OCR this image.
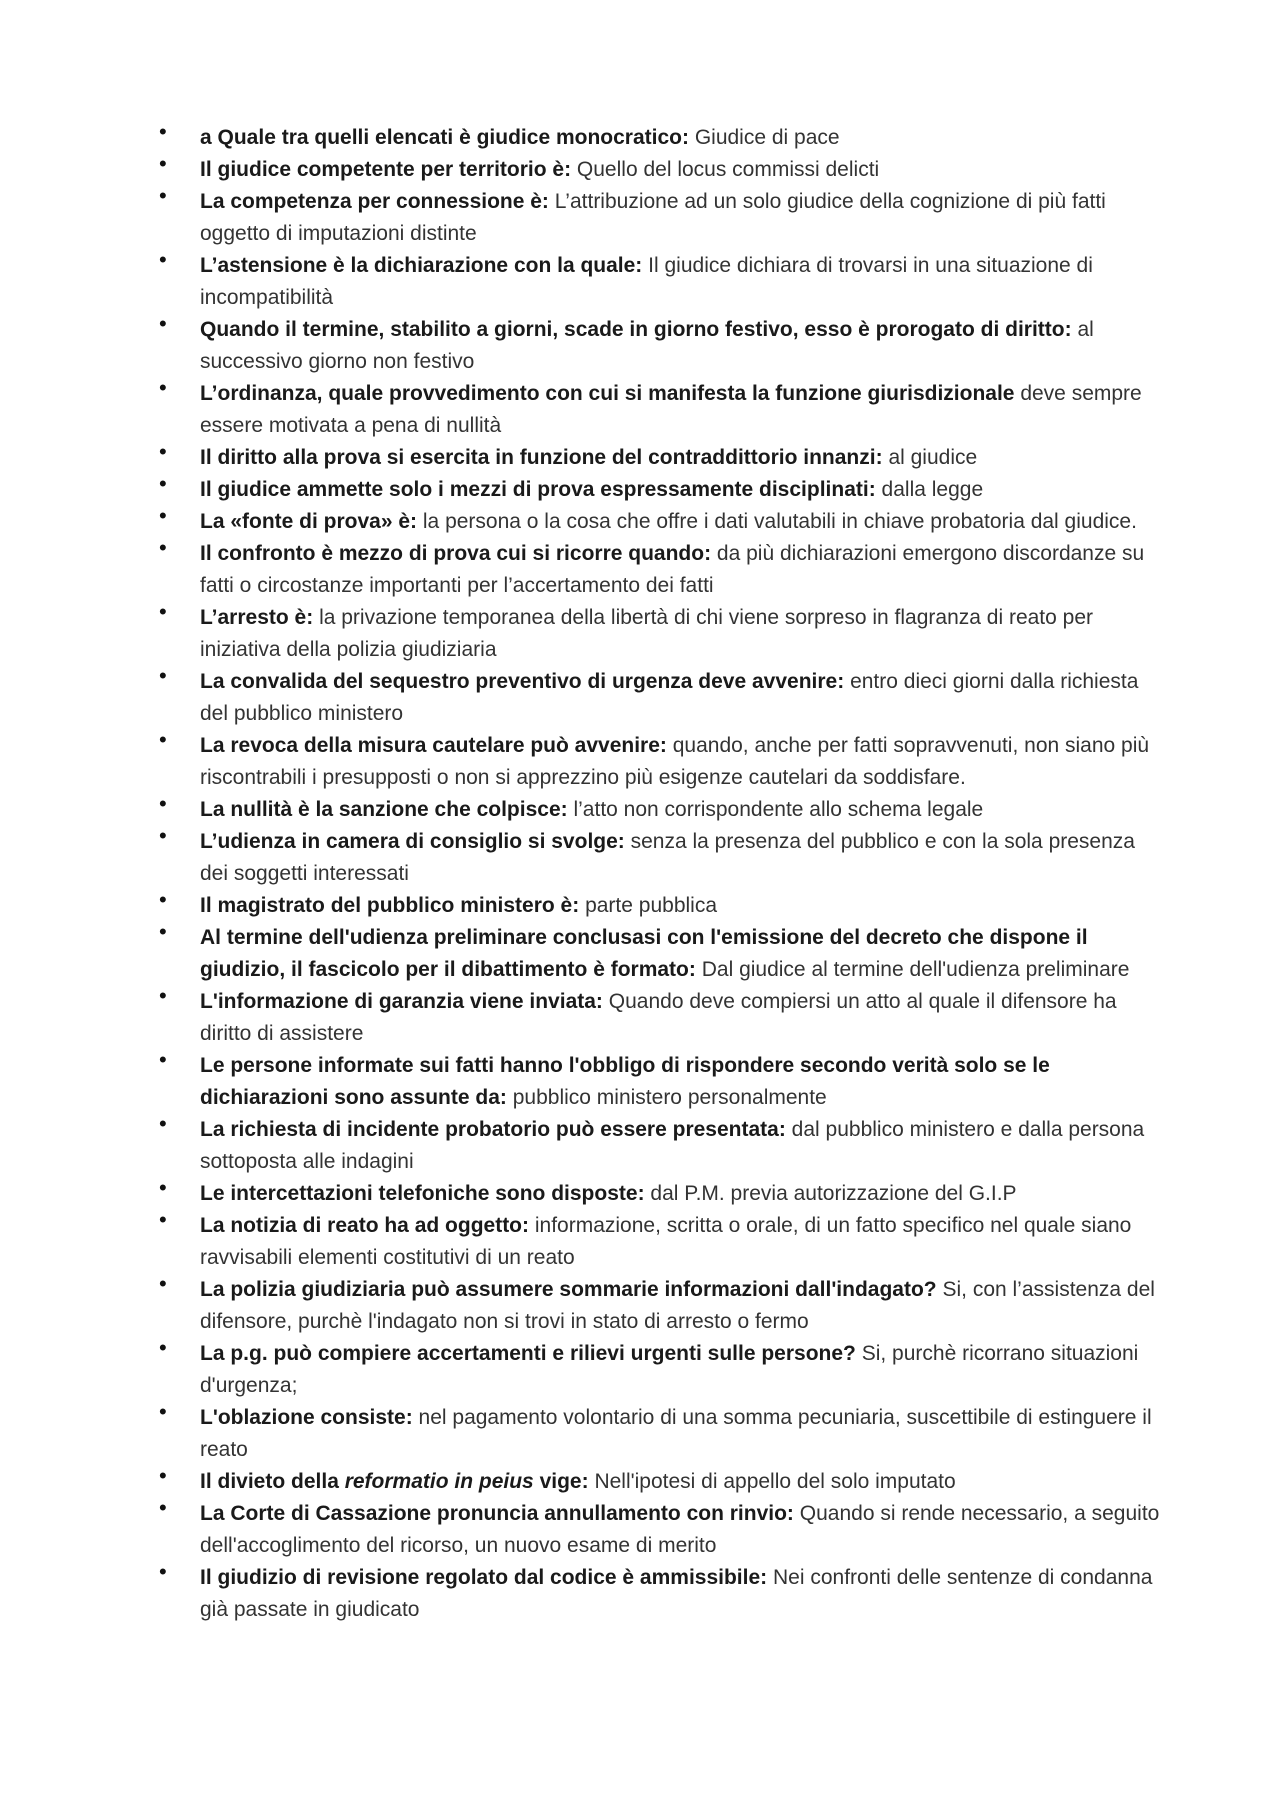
• a Quale tra quelli elencati è giudice monocratico: Giudice di pace
• Il giudice competente per territorio è: Quello del locus commissi delicti
• La competenza per connessione è: L’attribuzione ad un solo giudice della cognizione di più fatti oggetto di imputazioni distinte
• L’astensione è la dichiarazione con la quale: Il giudice dichiara di trovarsi in una situazione di incompatibilità
• Quando il termine, stabilito a giorni, scade in giorno festivo, esso è prorogato di diritto: al successivo giorno non festivo
• L’ordinanza, quale provvedimento con cui si manifesta la funzione giurisdizionale deve sempre essere motivata a pena di nullità
• Il diritto alla prova si esercita in funzione del contraddittorio innanzi: al giudice
• Il giudice ammette solo i mezzi di prova espressamente disciplinati: dalla legge
• La «fonte di prova» è: la persona o la cosa che offre i dati valutabili in chiave probatoria dal giudice.
• Il confronto è mezzo di prova cui si ricorre quando: da più dichiarazioni emergono discordanze su fatti o circostanze importanti per l’accertamento dei fatti
• L’arresto è: la privazione temporanea della libertà di chi viene sorpreso in flagranza di reato per iniziativa della polizia giudiziaria
• La convalida del sequestro preventivo di urgenza deve avvenire: entro dieci giorni dalla richiesta del pubblico ministero
• La revoca della misura cautelare può avvenire: quando, anche per fatti sopravvenuti, non siano più riscontrabili i presupposti o non si apprezzino più esigenze cautelari da soddisfare.
• La nullità è la sanzione che colpisce: l’atto non corrispondente allo schema legale
• L’udienza in camera di consiglio si svolge: senza la presenza del pubblico e con la sola presenza dei soggetti interessati
• Il magistrato del pubblico ministero è: parte pubblica
• Al termine dell'udienza preliminare conclusasi con l'emissione del decreto che dispone il giudizio, il fascicolo per il dibattimento è formato: Dal giudice al termine dell'udienza preliminare
• L'informazione di garanzia viene inviata: Quando deve compiersi un atto al quale il difensore ha diritto di assistere
• Le persone informate sui fatti hanno l'obbligo di rispondere secondo verità solo se le dichiarazioni sono assunte da: pubblico ministero personalmente
• La richiesta di incidente probatorio può essere presentata: dal pubblico ministero e dalla persona sottoposta alle indagini
• Le intercettazioni telefoniche sono disposte: dal P.M. previa autorizzazione del G.I.P
• La notizia di reato ha ad oggetto: informazione, scritta o orale, di un fatto specifico nel quale siano ravvisabili elementi costitutivi di un reato
• La polizia giudiziaria può assumere sommarie informazioni dall'indagato? Si, con l’assistenza del difensore, purchè l'indagato non si trovi in stato di arresto o fermo
• La p.g. può compiere accertamenti e rilievi urgenti sulle persone? Si, purchè ricorrano situazioni d'urgenza;
• L'oblazione consiste: nel pagamento volontario di una somma pecuniaria, suscettibile di estinguere il reato
• Il divieto della reformatio in peius vige: Nell'ipotesi di appello del solo imputato
• La Corte di Cassazione pronuncia annullamento con rinvio: Quando si rende necessario, a seguito dell'accoglimento del ricorso, un nuovo esame di merito
• Il giudizio di revisione regolato dal codice è ammissibile: Nei confronti delle sentenze di condanna già passate in giudicato
